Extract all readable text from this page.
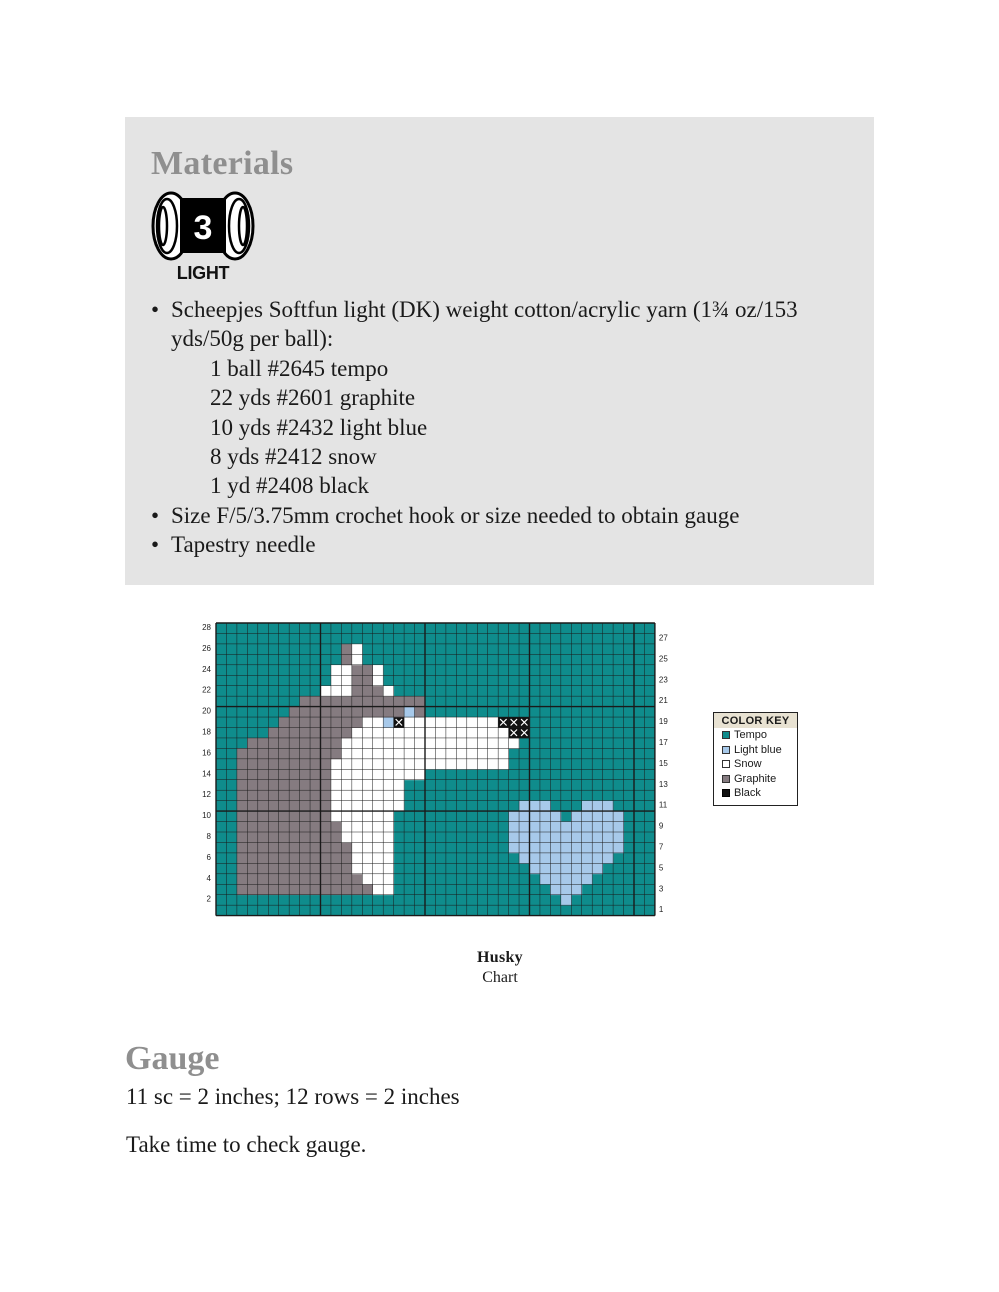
Materials
3
LIGHT
• Scheepjes Softfun light (DK) weight cotton/acrylic yarn (1¾ oz/153 yds/50g per ball):
1 ball #2645 tempo
22 yds #2601 graphite
10 yds #2432 light blue
8 yds #2412 snow
1 yd #2408 black
• Size F/5/3.75mm crochet hook or size needed to obtain gauge
• Tapestry needle
28
26
24
22
20
18
16
14
12
10
8
6
4
2
27
25
23
21
19
17
15
13
11
9
7
5
3
1
COLOR KEY
Tempo
Light blue
Snow
Graphite
Black
Husky
Chart
Gauge
11 sc = 2 inches; 12 rows = 2 inches
Take time to check gauge.
